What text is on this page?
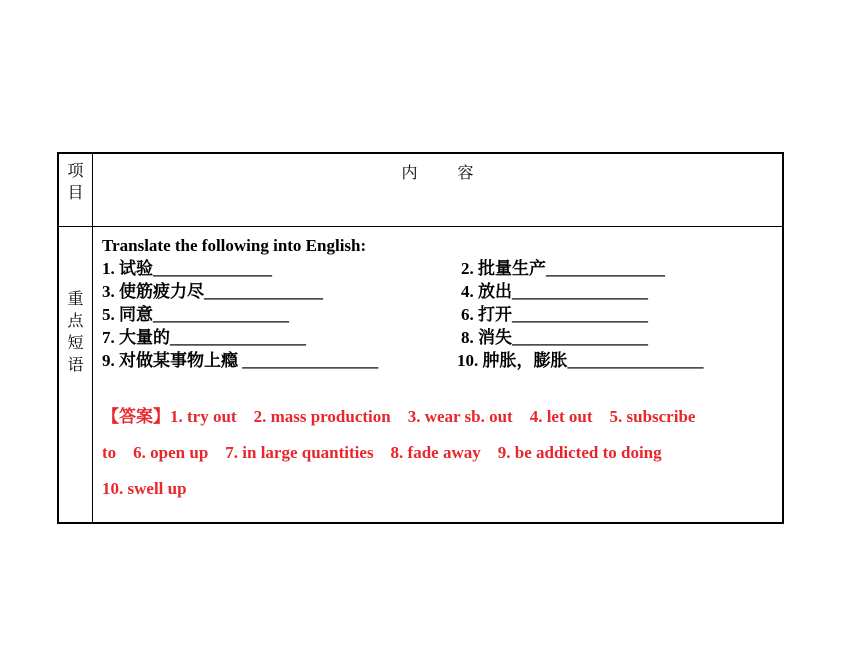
项
目
内	容
重
点
短
语
Translate the following into English:
1. 试验______________	2. 批量生产______________
3. 使筋疲力尽______________	4. 放出________________
5. 同意________________	6. 打开________________
7. 大量的________________	8. 消失________________
9. 对做某事物上瘾 ________________	10. 肿胀，膨胀________________
【答案】1. try out    2. mass production    3. wear sb. out    4. let out    5. subscribe
to    6. open up    7. in large quantities    8. fade away    9. be addicted to doing
10. swell up
